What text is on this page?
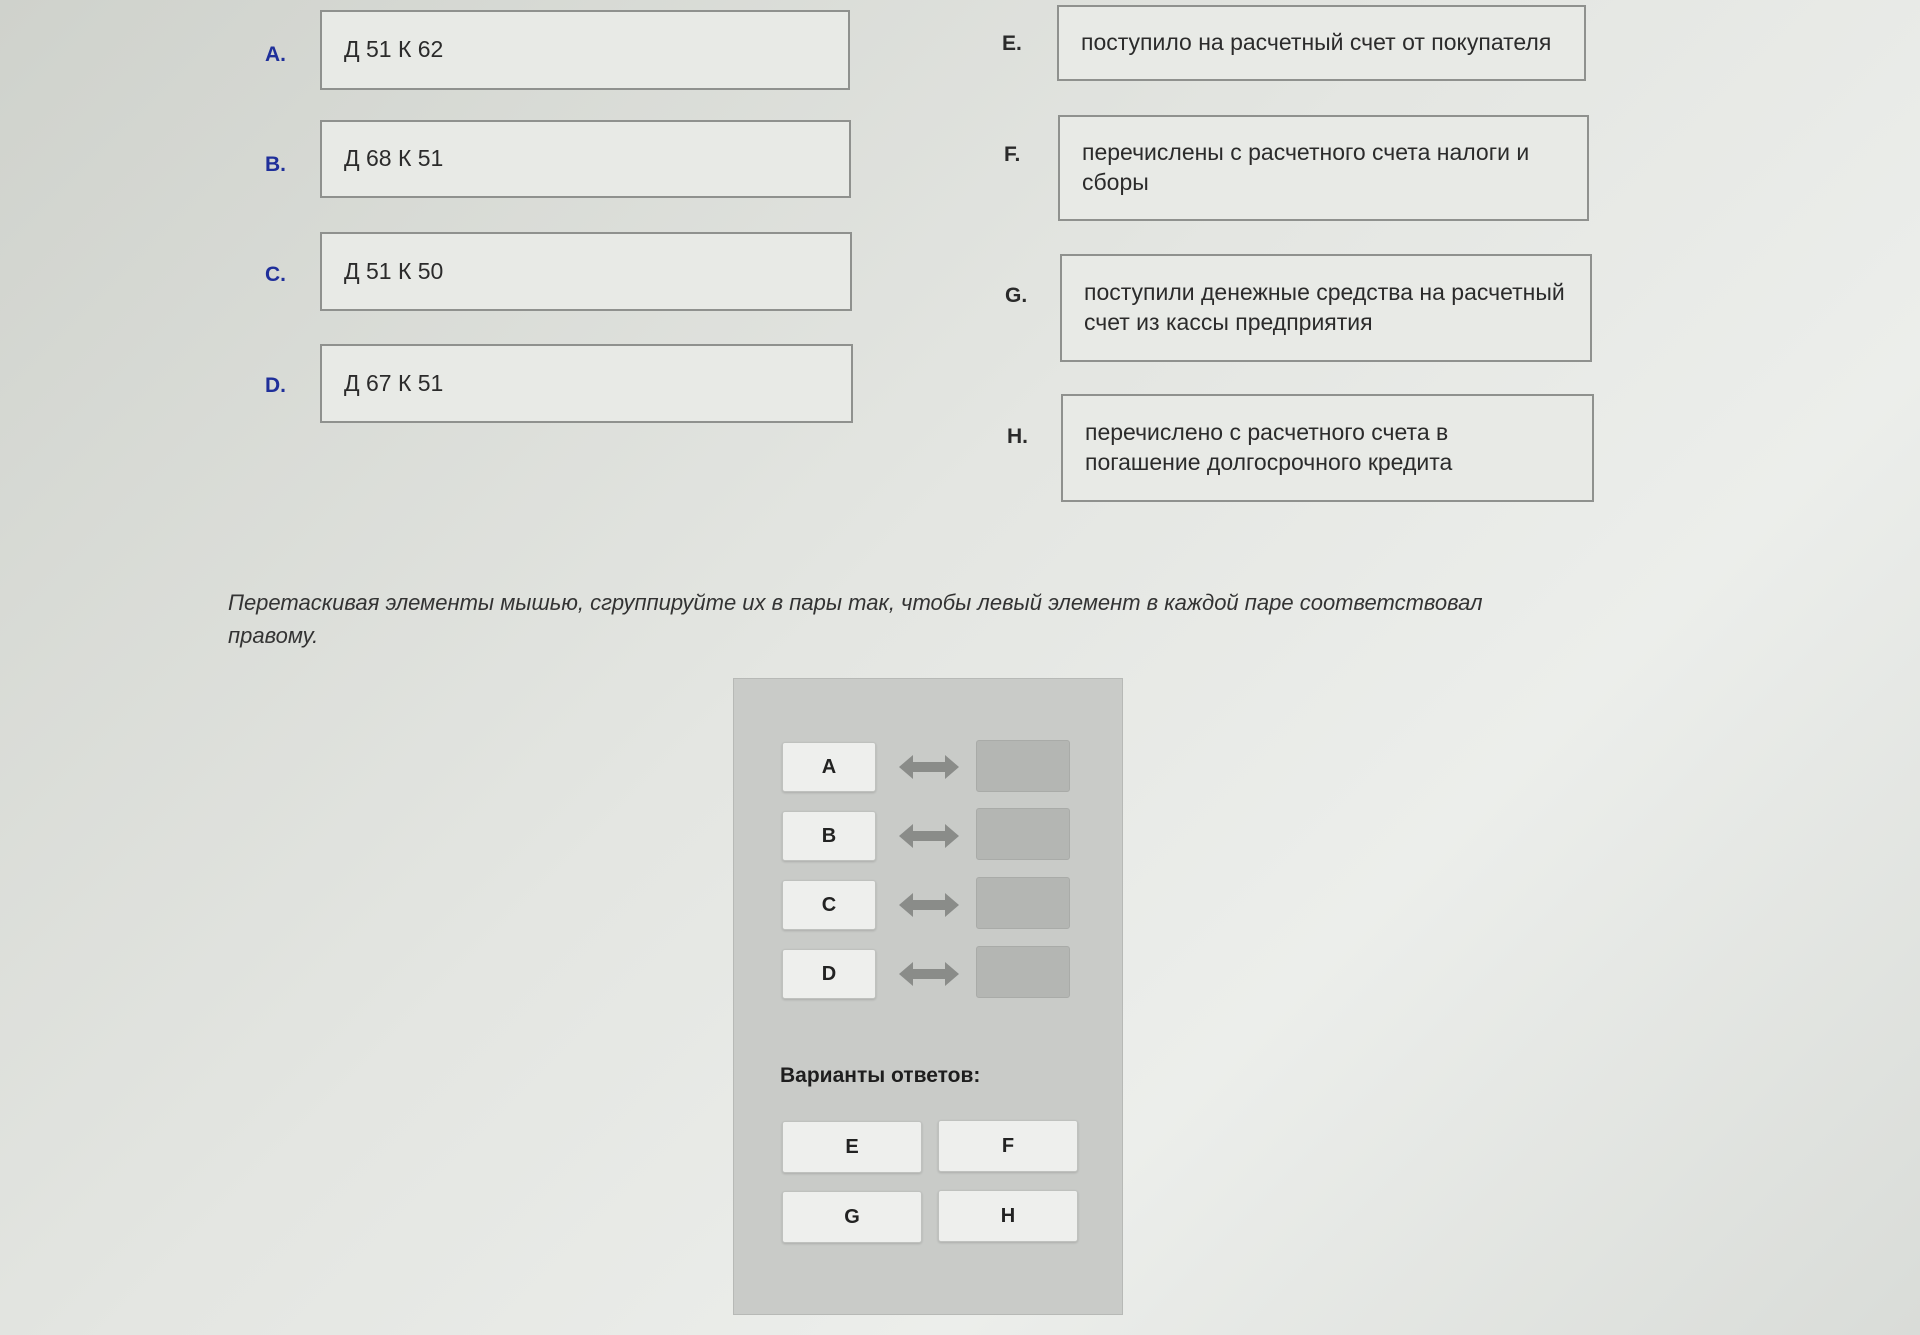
A.	Д 51 К 62
B.	Д 68 К 51
C.	Д 51 К 50
D.	Д 67 К 51
E.	поступило на расчетный счет от покупателя
F.	перечислены с расчетного счета налоги и сборы
G. поступили денежные средства на расчетный счет из кассы предприятия
H. перечислено с расчетного счета в погашение долгосрочного кредита
Перетаскивая элементы мышью, сгруппируйте их в пары так, чтобы левый элемент в каждой паре соответствовал правому.
A
B
C
D
Варианты ответов:
E	F
G	H
